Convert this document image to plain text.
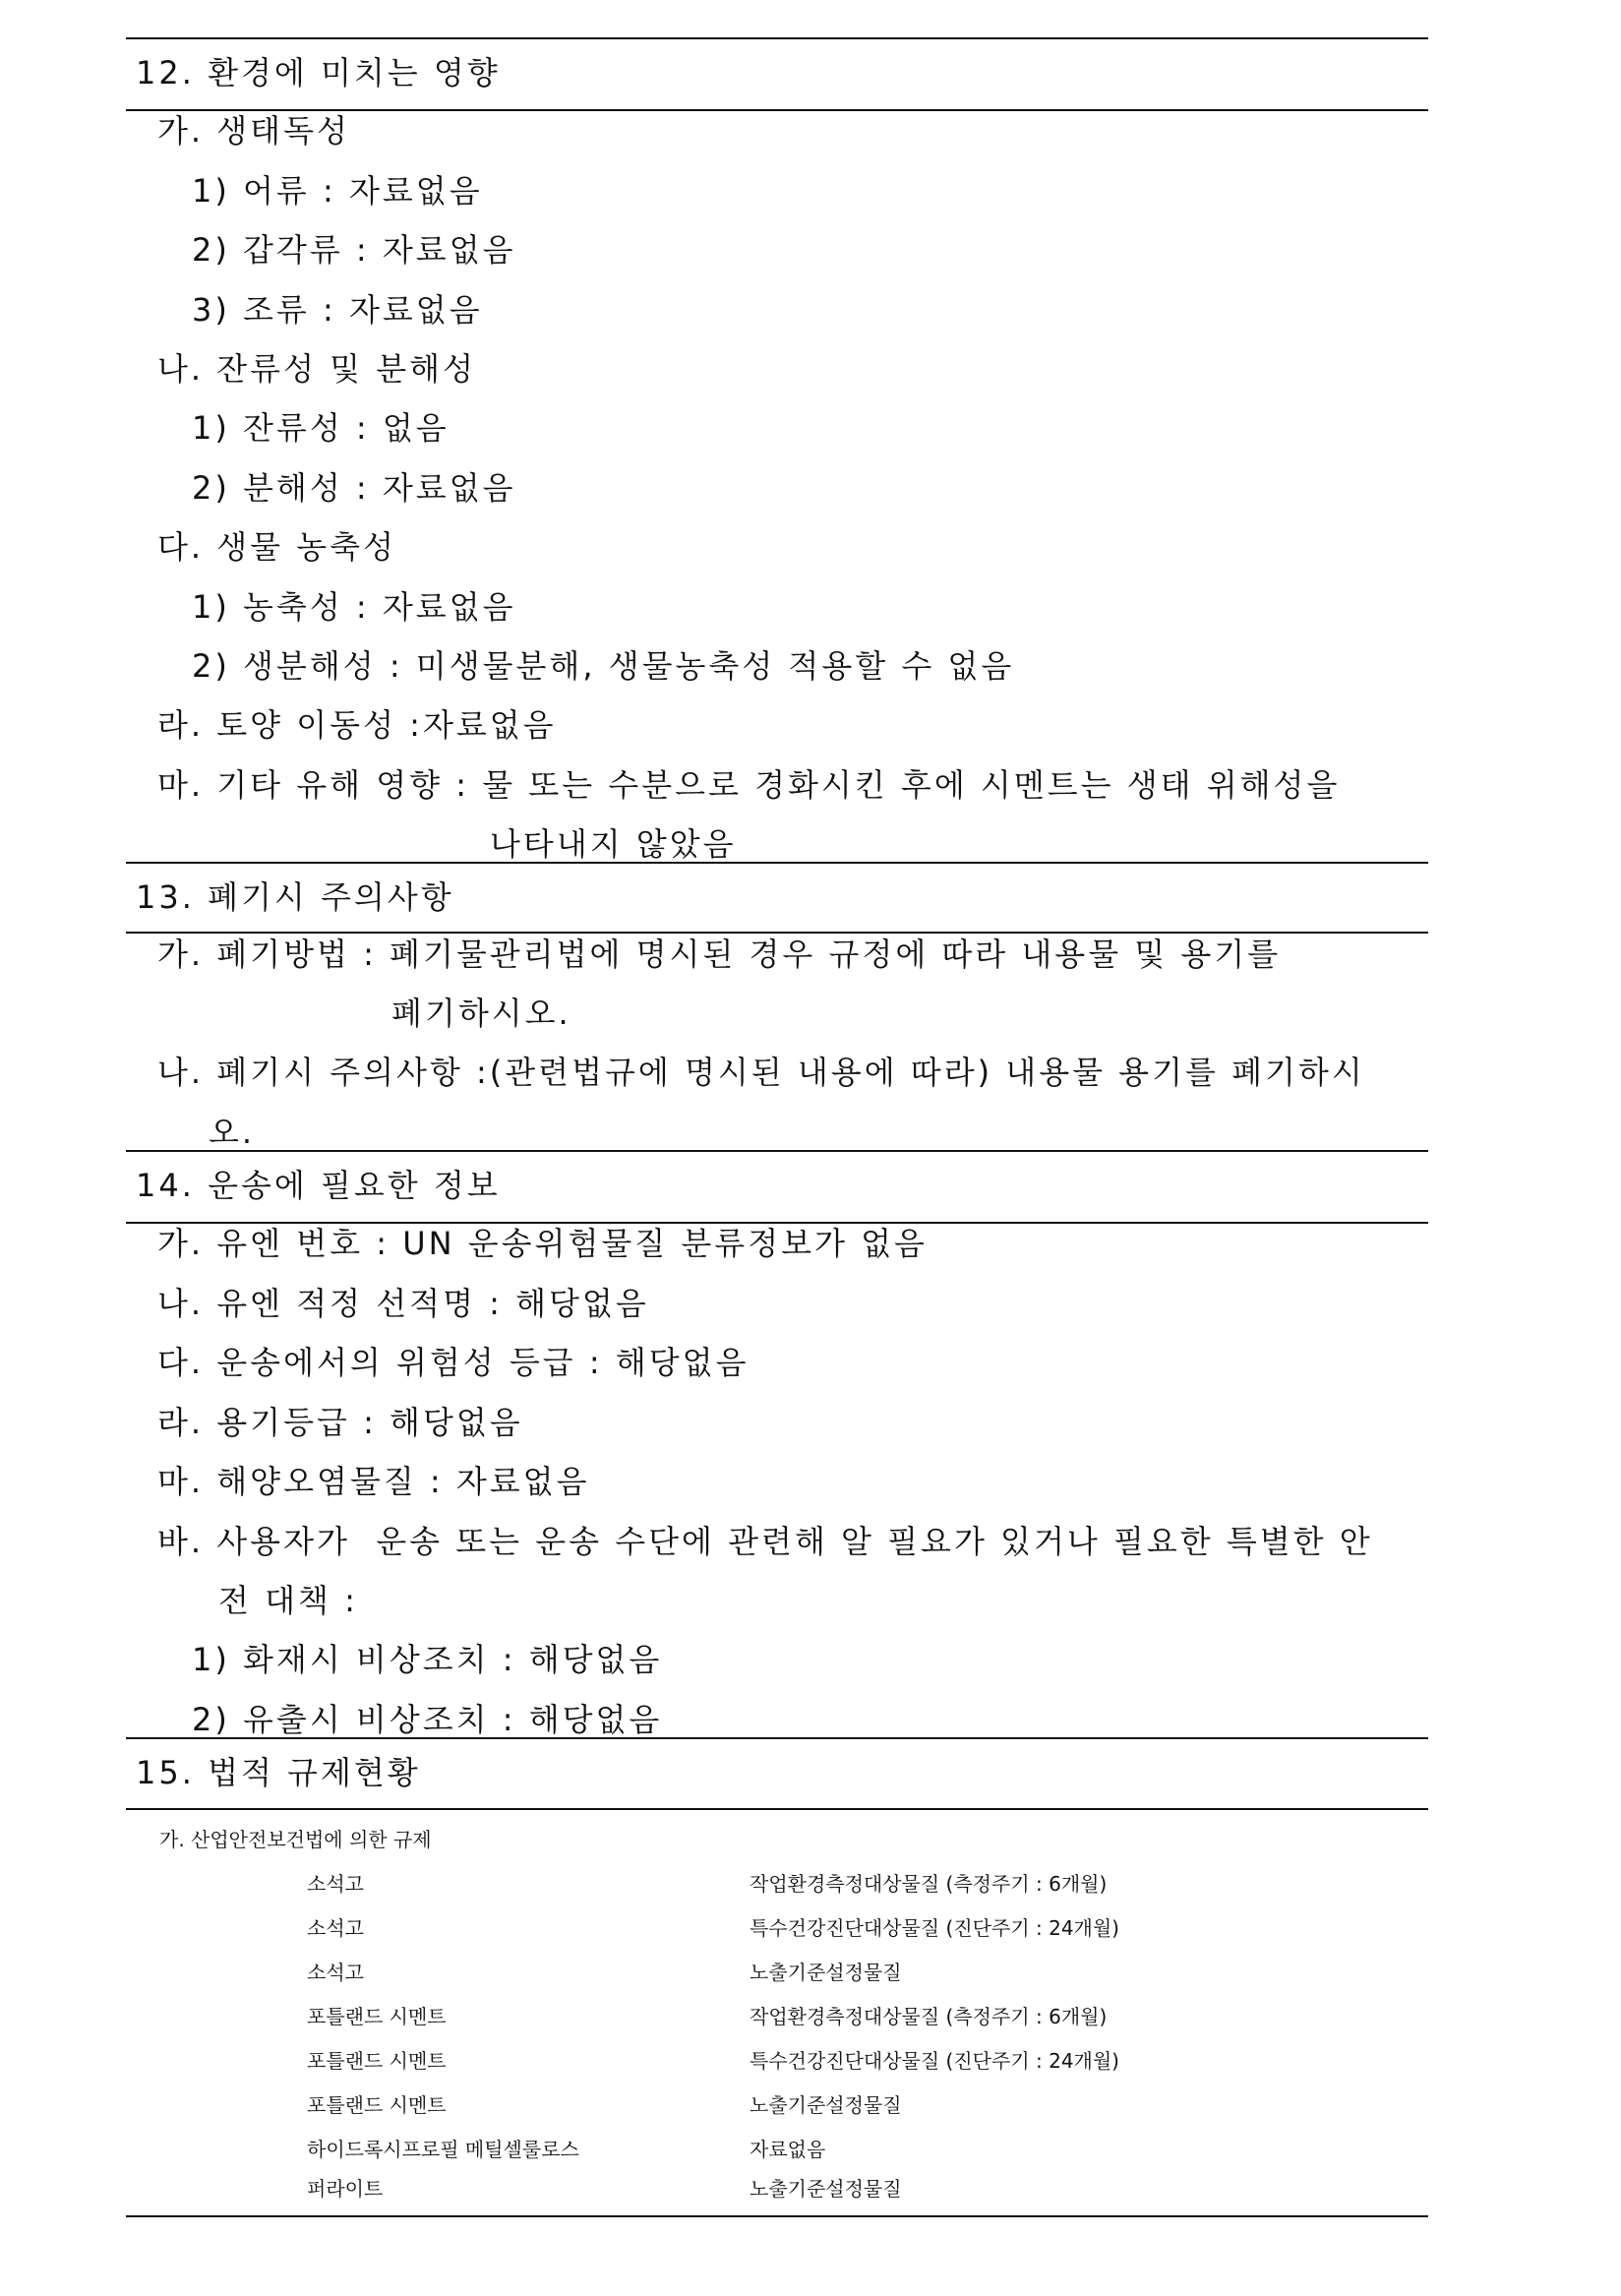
12. 환경에 미치는 영향
가. 생태독성
1) 어류 : 자료없음
2) 갑각류 : 자료없음
3) 조류 : 자료없음
나. 잔류성 및 분해성
1) 잔류성 : 없음
2) 분해성 : 자료없음
다. 생물 농축성
1) 농축성 : 자료없음
2) 생분해성 : 미생물분해, 생물농축성 적용할 수 없음
라. 토양 이동성 :자료없음
마. 기타 유해 영향 : 물 또는 수분으로 경화시킨 후에 시멘트는 생태 위해성을
나타내지 않았음
13. 폐기시 주의사항
가. 폐기방법 : 폐기물관리법에 명시된 경우 규정에 따라 내용물 및 용기를
폐기하시오.
나. 폐기시 주의사항 :(관련법규에 명시된 내용에 따라) 내용물 용기를 폐기하시
오.
14. 운송에 필요한 정보
가. 유엔 번호 : UN 운송위험물질 분류정보가 없음
나. 유엔 적정 선적명 : 해당없음
다. 운송에서의 위험성 등급 : 해당없음
라. 용기등급 : 해당없음
마. 해양오염물질 : 자료없음
바. 사용자가  운송 또는 운송 수단에 관련해 알 필요가 있거나 필요한 특별한 안
전 대책 :
1) 화재시 비상조치 : 해당없음
2) 유출시 비상조치 : 해당없음
15. 법적 규제현황
가. 산업안전보건법에 의한 규제
소석고	작업환경측정대상물질 (측정주기 : 6개월)
소석고	특수건강진단대상물질 (진단주기 : 24개월)
소석고	노출기준설정물질
포틀랜드 시멘트	작업환경측정대상물질 (측정주기 : 6개월)
포틀랜드 시멘트	특수건강진단대상물질 (진단주기 : 24개월)
포틀랜드 시멘트	노출기준설정물질
하이드록시프로필 메틸셀룰로스	자료없음
퍼라이트	노출기준설정물질
